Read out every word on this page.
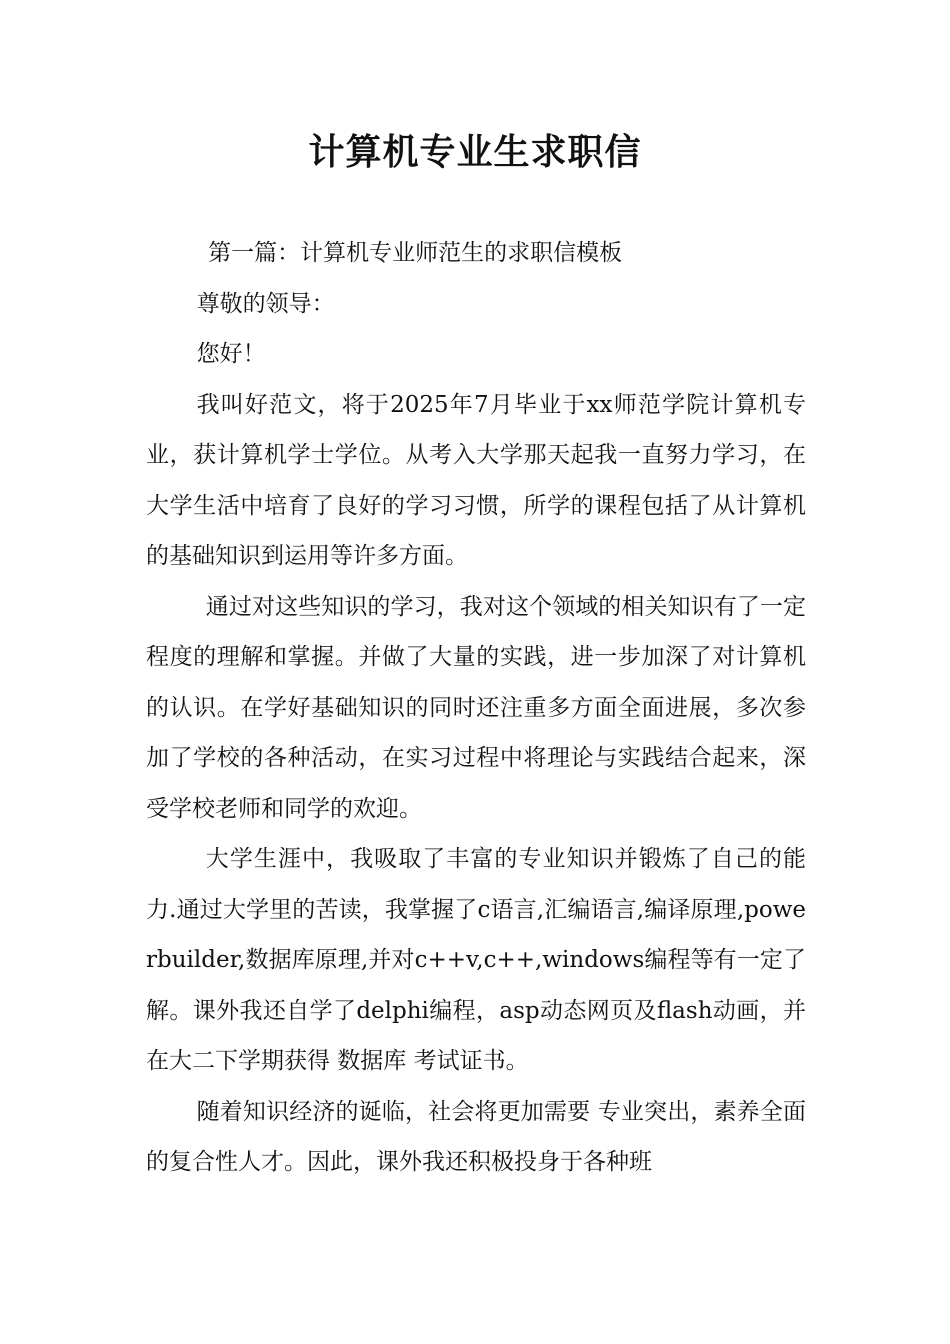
计算机专业生求职信

第一篇：计算机专业师范生的求职信模板

尊敬的领导：

您好！

我叫好范文，将于2025年7月毕业于xx师范学院计算机专业，获计算机学士学位。从考入大学那天起我一直努力学习，在大学生活中培育了良好的学习习惯，所学的课程包括了从计算机的基础知识到运用等许多方面。

通过对这些知识的学习，我对这个领域的相关知识有了一定程度的理解和掌握。并做了大量的实践，进一步加深了对计算机的认识。在学好基础知识的同时还注重多方面全面进展，多次参加了学校的各种活动，在实习过程中将理论与实践结合起来，深受学校老师和同学的欢迎。

大学生涯中，我吸取了丰富的专业知识并锻炼了自己的能力.通过大学里的苦读，我掌握了c语言,汇编语言,编译原理,powerbuilder,数据库原理,并对c++v,c++,windows编程等有一定了解。课外我还自学了delphi编程，asp动态网页及flash动画，并在大二下学期获得 数据库 考试证书。

随着知识经济的诞临，社会将更加需要 专业突出，素养全面 的复合性人才。因此，课外我还积极投身于各种班
